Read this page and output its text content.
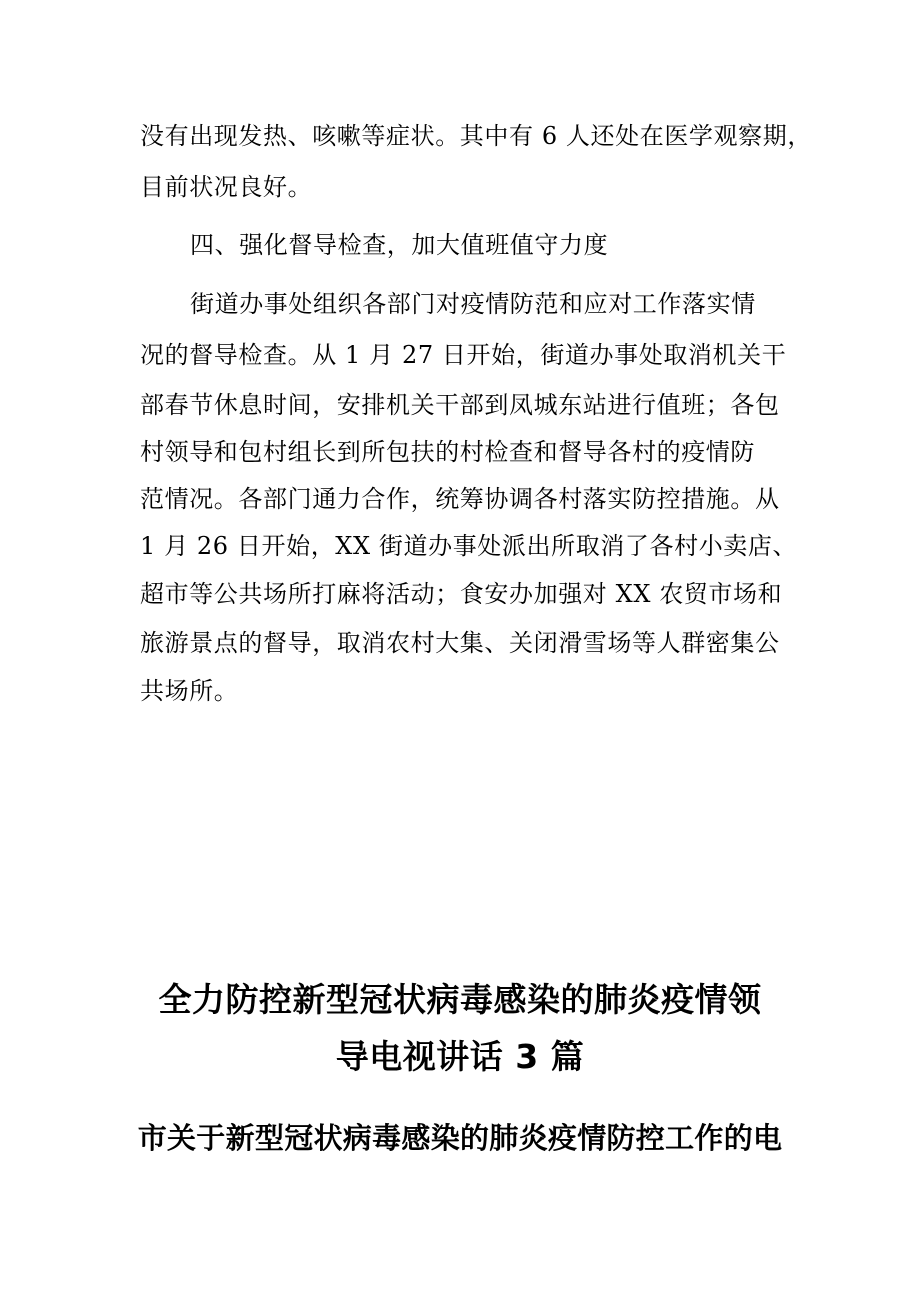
没有出现发热、咳嗽等症状。其中有 6 人还处在医学观察期，
目前状况良好。
四、强化督导检查，加大值班值守力度
街道办事处组织各部门对疫情防范和应对工作落实情
况的督导检查。从 1 月 27 日开始，街道办事处取消机关干
部春节休息时间，安排机关干部到凤城东站进行值班；各包
村领导和包村组长到所包扶的村检查和督导各村的疫情防
范情况。各部门通力合作，统筹协调各村落实防控措施。从
1 月 26 日开始，XX 街道办事处派出所取消了各村小卖店、
超市等公共场所打麻将活动；食安办加强对 XX 农贸市场和
旅游景点的督导，取消农村大集、关闭滑雪场等人群密集公
共场所。
全力防控新型冠状病毒感染的肺炎疫情领
导电视讲话 3 篇
市关于新型冠状病毒感染的肺炎疫情防控工作的电
